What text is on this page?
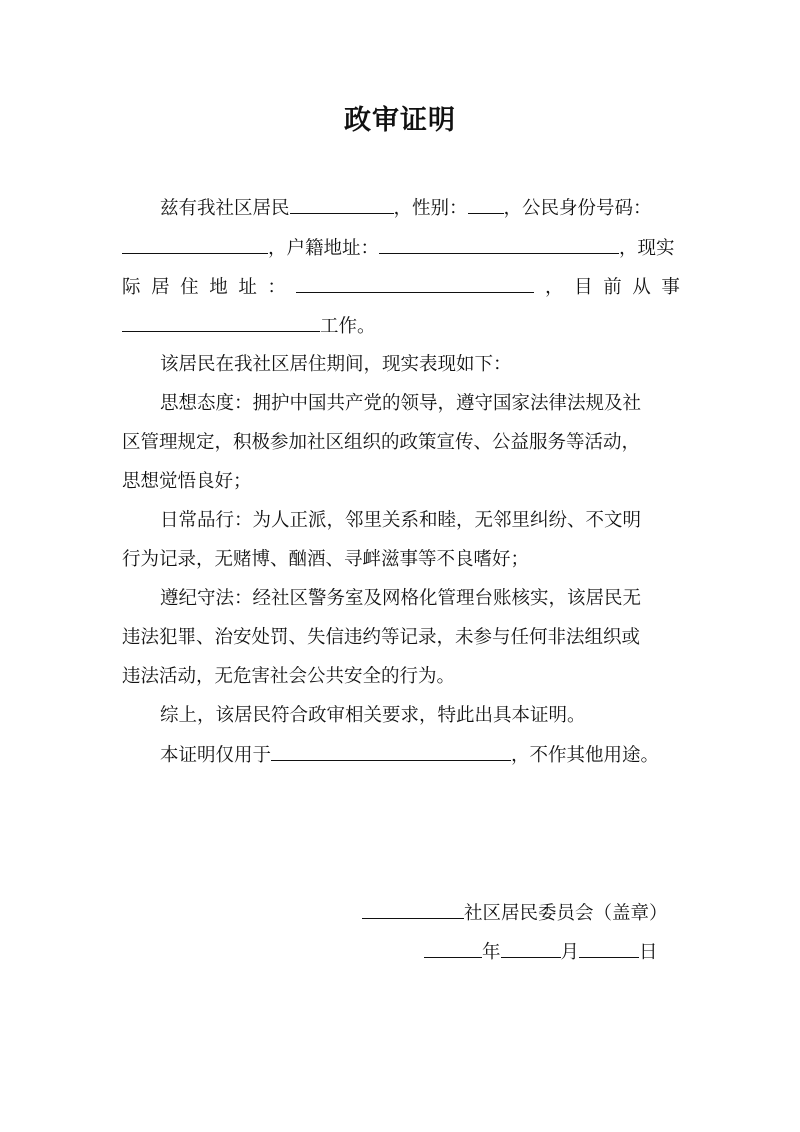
政审证明
兹有我社区居民	，性别： ，公民身份号码：
，户籍地址：	，现实
际 居 住 地 址 ：	， 目 前 从 事
工作。
该居民在我社区居住期间，现实表现如下：
思想态度：拥护中国共产党的领导，遵守国家法律法规及社
区管理规定，积极参加社区组织的政策宣传、公益服务等活动，
思想觉悟良好；
日常品行：为人正派，邻里关系和睦，无邻里纠纷、不文明
行为记录，无赌博、酗酒、寻衅滋事等不良嗜好；
遵纪守法：经社区警务室及网格化管理台账核实，该居民无
违法犯罪、治安处罚、失信违约等记录，未参与任何非法组织或
违法活动，无危害社会公共安全的行为。
综上，该居民符合政审相关要求，特此出具本证明。
本证明仅用于	，不作其他用途。
社区居民委员会（盖章）
年	月	日
